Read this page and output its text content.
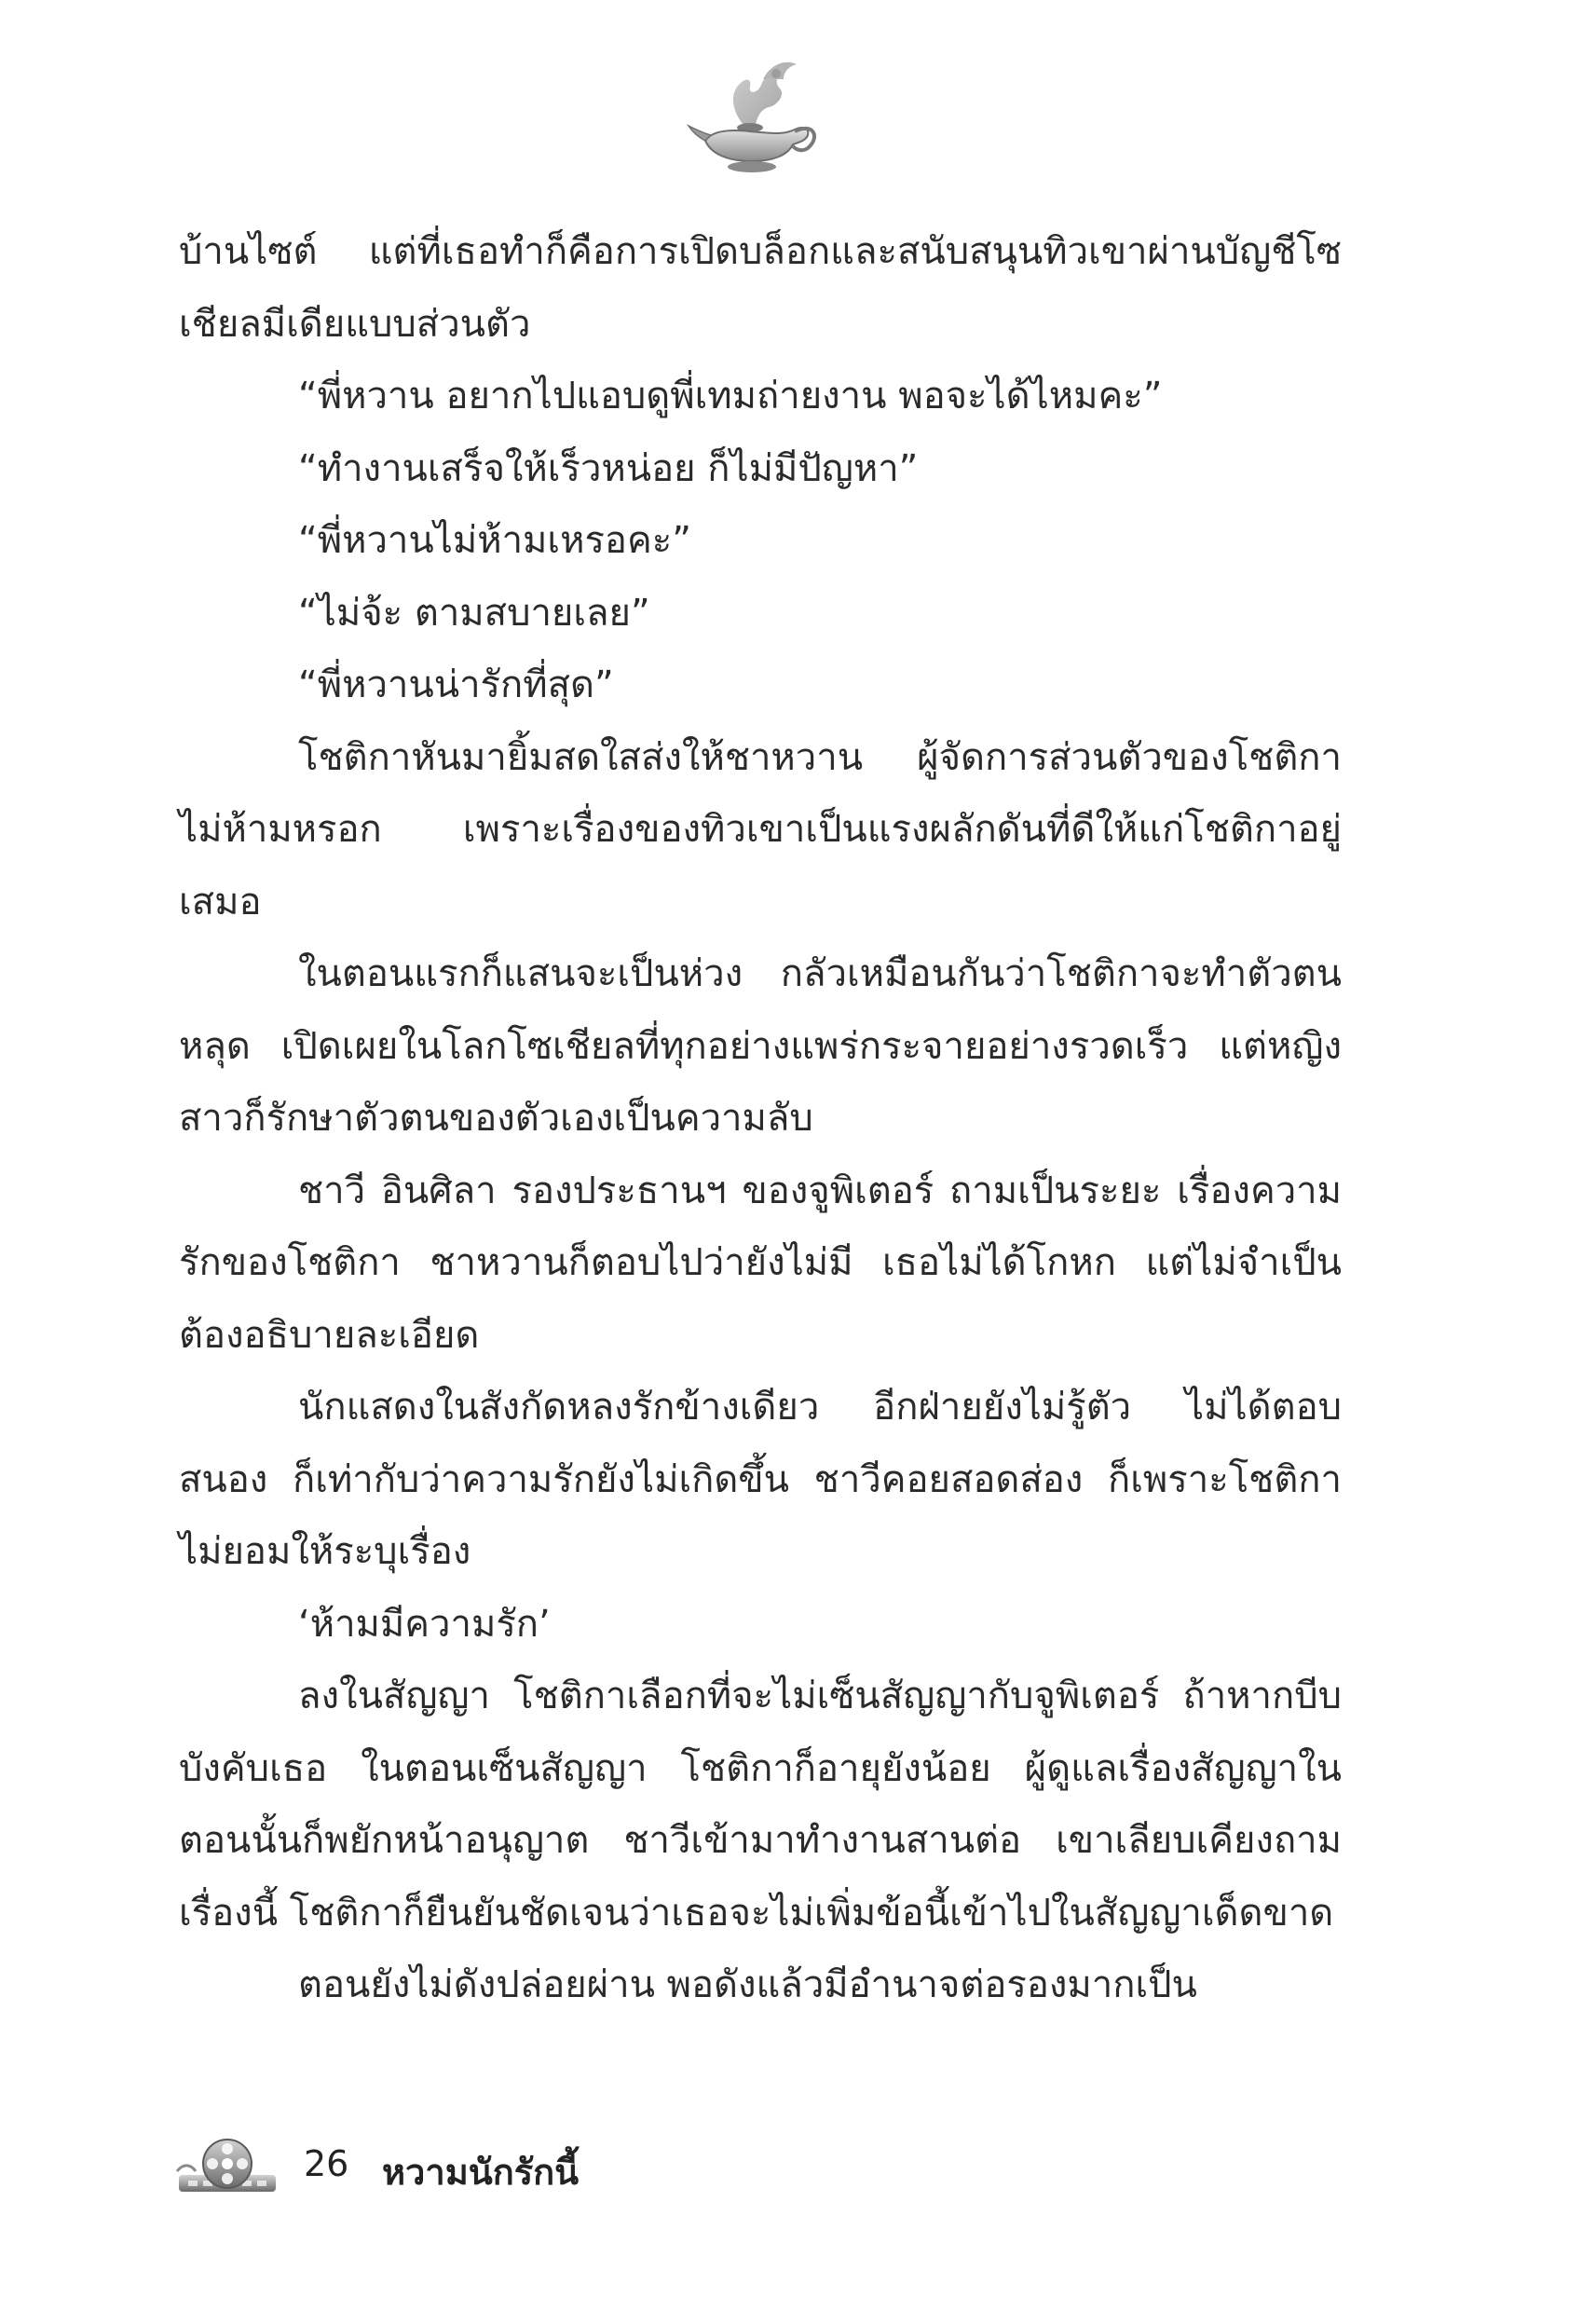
บ้านไซต์ แต่ที่เธอทำก็คือการเปิดบล็อกและสนับสนุนทิวเขาผ่านบัญชีโซเชียลมีเดียแบบส่วนตัว

“พี่หวาน อยากไปแอบดูพี่เทมถ่ายงาน พอจะได้ไหมคะ”

“ทำงานเสร็จให้เร็วหน่อย ก็ไม่มีปัญหา”

“พี่หวานไม่ห้ามเหรอคะ”

“ไม่จ้ะ ตามสบายเลย”

“พี่หวานน่ารักที่สุด”

โชติกาหันมายิ้มสดใสส่งให้ชาหวาน ผู้จัดการส่วนตัวของโชติกาไม่ห้ามหรอก เพราะเรื่องของทิวเขาเป็นแรงผลักดันที่ดีให้แก่โชติกาอยู่เสมอ

ในตอนแรกก็แสนจะเป็นห่วง กลัวเหมือนกันว่าโชติกาจะทำตัวตนหลุด เปิดเผยในโลกโซเชียลที่ทุกอย่างแพร่กระจายอย่างรวดเร็ว แต่หญิงสาวก็รักษาตัวตนของตัวเองเป็นความลับ

ชาวี อินศิลา รองประธานฯ ของจูพิเตอร์ ถามเป็นระยะ เรื่องความรักของโชติกา ชาหวานก็ตอบไปว่ายังไม่มี เธอไม่ได้โกหก แต่ไม่จำเป็นต้องอธิบายละเอียด

นักแสดงในสังกัดหลงรักข้างเดียว อีกฝ่ายยังไม่รู้ตัว ไม่ได้ตอบสนอง ก็เท่ากับว่าความรักยังไม่เกิดขึ้น ชาวีคอยสอดส่อง ก็เพราะโชติกาไม่ยอมให้ระบุเรื่อง

‘ห้ามมีความรัก’

ลงในสัญญา โชติกาเลือกที่จะไม่เซ็นสัญญากับจูพิเตอร์ ถ้าหากบีบบังคับเธอ ในตอนเซ็นสัญญา โชติกาก็อายุยังน้อย ผู้ดูแลเรื่องสัญญาในตอนนั้นก็พยักหน้าอนุญาต ชาวีเข้ามาทำงานสานต่อ เขาเลียบเคียงถามเรื่องนี้ โชติกาก็ยืนยันชัดเจนว่าเธอจะไม่เพิ่มข้อนี้เข้าไปในสัญญาเด็ดขาด

ตอนยังไม่ดังปล่อยผ่าน พอดังแล้วมีอำนาจต่อรองมากเป็น

26 หวามนักรักนี้
